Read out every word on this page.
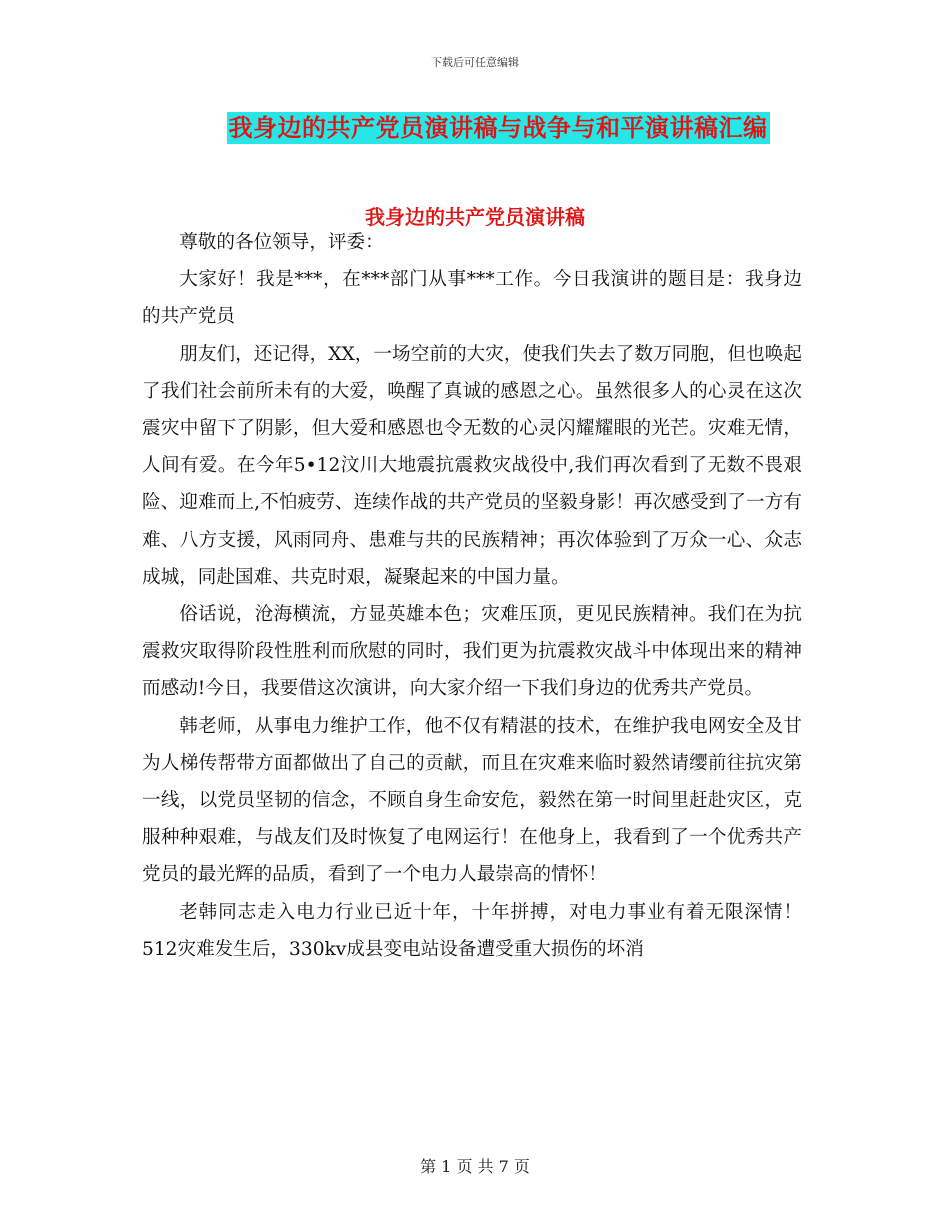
下载后可任意编辑
我身边的共产党员演讲稿与战争与和平演讲稿汇编
我身边的共产党员演讲稿

尊敬的各位领导，评委：

大家好！我是***，在***部门从事***工作。今日我演讲的题目是：我身边的共产党员

朋友们，还记得，XX，一场空前的大灾，使我们失去了数万同胞，但也唤起了我们社会前所未有的大爱，唤醒了真诚的感恩之心。虽然很多人的心灵在这次震灾中留下了阴影，但大爱和感恩也令无数的心灵闪耀耀眼的光芒。灾难无情，人间有爱。在今年5•12汶川大地震抗震救灾战役中,我们再次看到了无数不畏艰险、迎难而上,不怕疲劳、连续作战的共产党员的坚毅身影！再次感受到了一方有难、八方支援，风雨同舟、患难与共的民族精神；再次体验到了万众一心、众志成城，同赴国难、共克时艰，凝聚起来的中国力量。

俗话说，沧海横流，方显英雄本色；灾难压顶，更见民族精神。我们在为抗震救灾取得阶段性胜利而欣慰的同时，我们更为抗震救灾战斗中体现出来的精神而感动!今日，我要借这次演讲，向大家介绍一下我们身边的优秀共产党员。

韩老师，从事电力维护工作，他不仅有精湛的技术，在维护我电网安全及甘为人梯传帮带方面都做出了自己的贡献，而且在灾难来临时毅然请缨前往抗灾第一线，以党员坚韧的信念，不顾自身生命安危，毅然在第一时间里赶赴灾区，克服种种艰难，与战友们及时恢复了电网运行！在他身上，我看到了一个优秀共产党员的最光辉的品质，看到了一个电力人最崇高的情怀！

老韩同志走入电力行业已近十年，十年拼搏，对电力事业有着无限深情！512灾难发生后，330kv成县变电站设备遭受重大损伤的坏消

第 1 页 共 7 页
